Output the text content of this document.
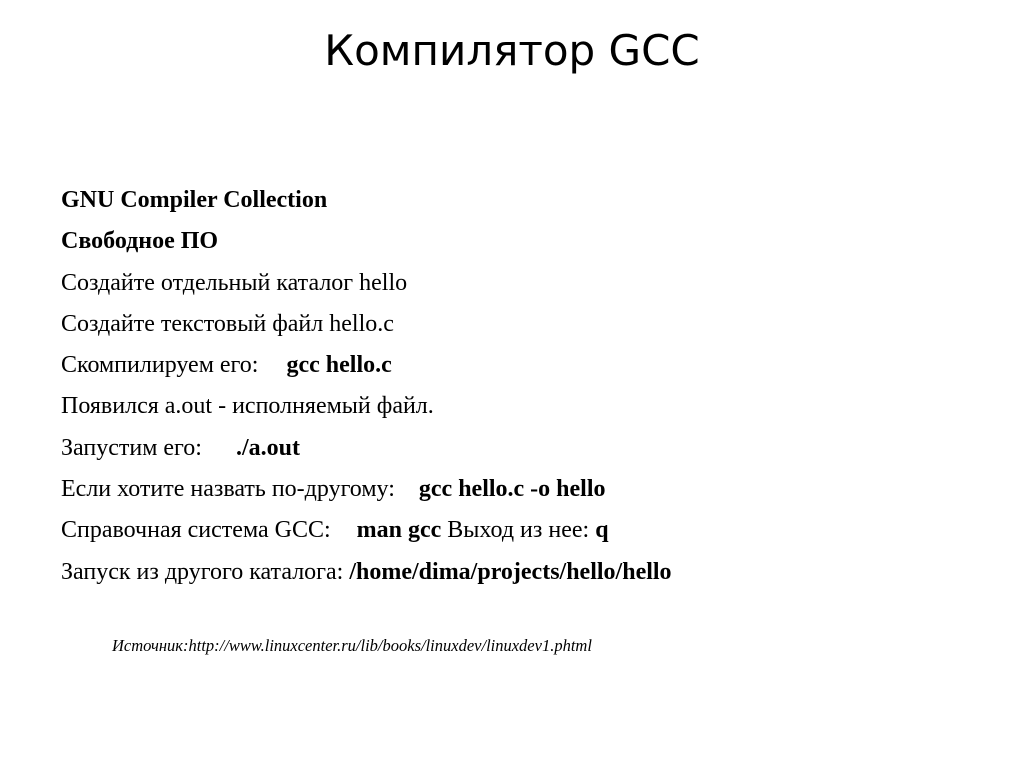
Компилятор GCC
GNU Compiler Collection
Свободное ПО
Создайте отдельный каталог hello
Создайте текстовый файл hello.c
Скомпилируем его: gcc hello.c
Появился a.out - исполняемый файл.
Запустим его: ./a.out
Если хотите назвать по-другому: gcc hello.c -o hello
Справочная система GCC: man gcc Выход из нее: q
Запуск из другого каталога: /home/dima/projects/hello/hello
Источник:http://www.linuxcenter.ru/lib/books/linuxdev/linuxdev1.phtml
